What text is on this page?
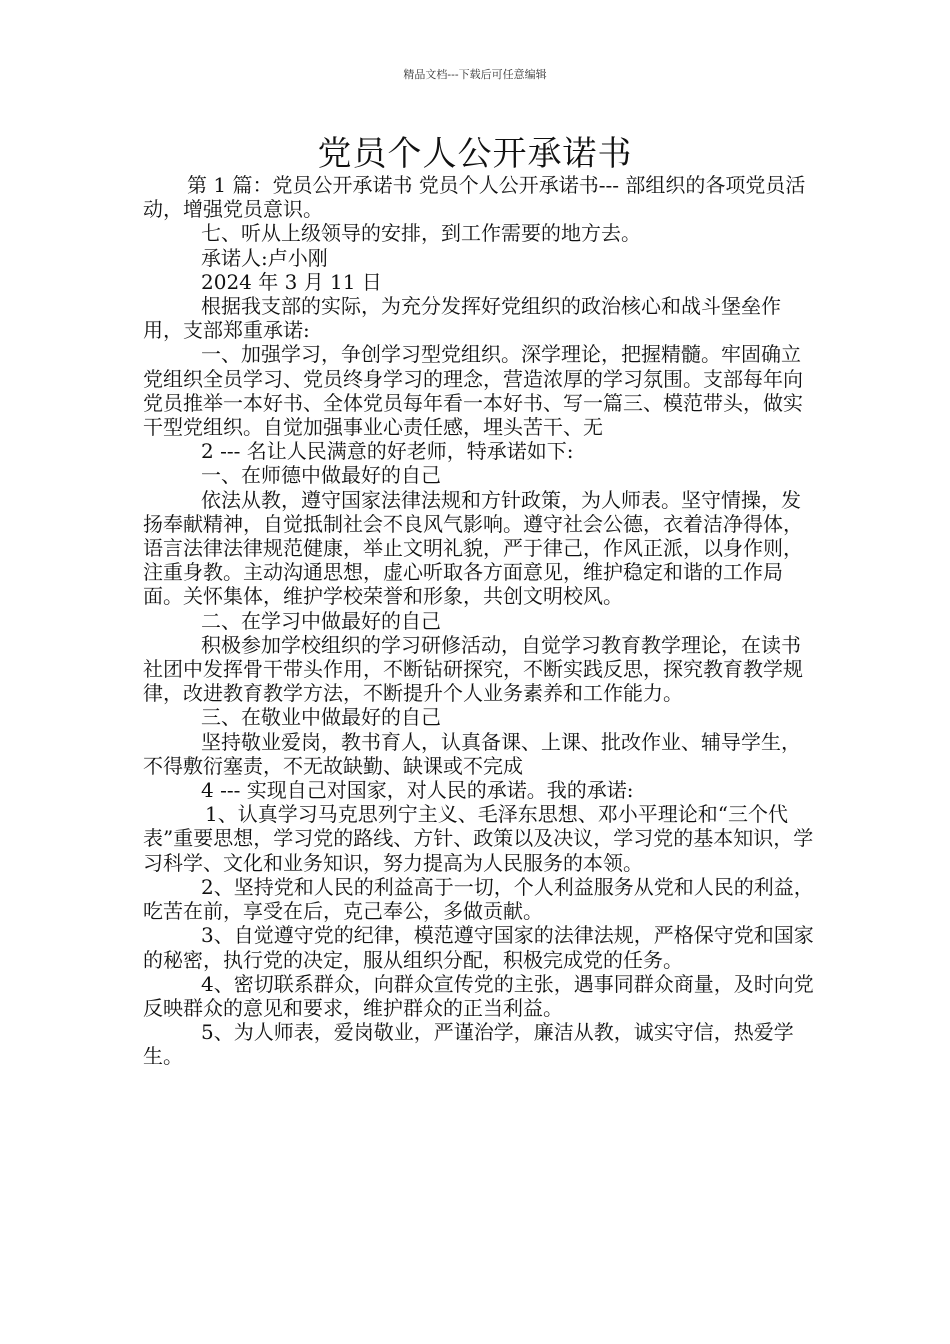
精品文档---下载后可任意编辑
党员个人公开承诺书

第 1 篇：党员公开承诺书 党员个人公开承诺书--- 部组织的各项党员活动，增强党员意识。

七、听从上级领导的安排，到工作需要的地方去。

承诺人:卢小刚

2024 年 3 月 11 日

根据我支部的实际，为充分发挥好党组织的政治核心和战斗堡垒作用，支部郑重承诺:

一、加强学习，争创学习型党组织。深学理论，把握精髓。牢固确立党组织全员学习、党员终身学习的理念，营造浓厚的学习氛围。支部每年向党员推举一本好书、全体党员每年看一本好书、写一篇三、模范带头，做实干型党组织。自觉加强事业心责任感，埋头苦干、无

2 --- 名让人民满意的好老师，特承诺如下:

一、在师德中做最好的自己

依法从教，遵守国家法律法规和方针政策，为人师表。坚守情操，发扬奉献精神，自觉抵制社会不良风气影响。遵守社会公德，衣着洁净得体，语言法律法律规范健康，举止文明礼貌，严于律己，作风正派，以身作则，注重身教。主动沟通思想，虚心听取各方面意见，维护稳定和谐的工作局面。关怀集体，维护学校荣誉和形象，共创文明校风。

二、在学习中做最好的自己

积极参加学校组织的学习研修活动，自觉学习教育教学理论，在读书社团中发挥骨干带头作用，不断钻研探究，不断实践反思，探究教育教学规律，改进教育教学方法，不断提升个人业务素养和工作能力。

三、在敬业中做最好的自己

坚持敬业爱岗，教书育人，认真备课、上课、批改作业、辅导学生，不得敷衍塞责，不无故缺勤、缺课或不完成

4 --- 实现自己对国家，对人民的承诺。我的承诺:

1、认真学习马克思列宁主义、毛泽东思想、邓小平理论和“三个代表”重要思想，学习党的路线、方针、政策以及决议，学习党的基本知识，学习科学、文化和业务知识，努力提高为人民服务的本领。

2、坚持党和人民的利益高于一切，个人利益服务从党和人民的利益，吃苦在前，享受在后，克己奉公，多做贡献。

3、自觉遵守党的纪律，模范遵守国家的法律法规，严格保守党和国家的秘密，执行党的决定，服从组织分配，积极完成党的任务。

4、密切联系群众，向群众宣传党的主张，遇事同群众商量，及时向党反映群众的意见和要求，维护群众的正当利益。

5、为人师表，爱岗敬业，严谨治学，廉洁从教，诚实守信，热爱学生。
